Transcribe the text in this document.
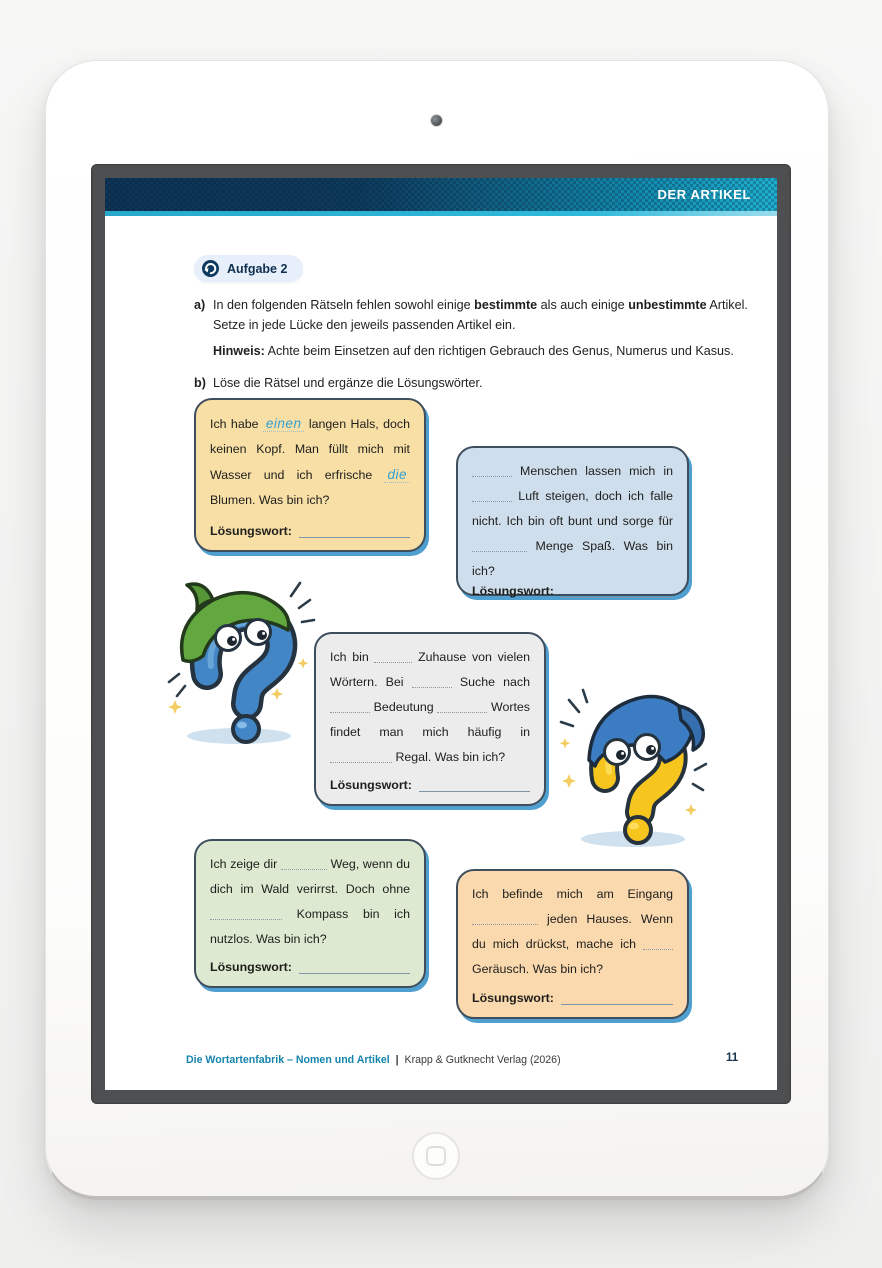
DER ARTIKEL
Aufgabe 2
a) In den folgenden Rätseln fehlen sowohl einige bestimmte als auch einige unbestimmte Artikel. Setze in jede Lücke den jeweils passenden Artikel ein.
Hinweis: Achte beim Einsetzen auf den richtigen Gebrauch des Genus, Numerus und Kasus.
b) Löse die Rätsel und ergänze die Lösungswörter.
Ich habe einen langen Hals, doch keinen Kopf. Man füllt mich mit Wasser und ich erfrische die Blumen. Was bin ich?
Lösungswort:
Menschen lassen mich in  Luft steigen, doch ich falle nicht. Ich bin oft bunt und sorge für  Menge Spaß. Was bin ich?
Lösungswort:
Ich bin	Zuhause von vielen Wörtern. Bei	Suche nach  Bedeutung	Wortes findet man mich häufig in  Regal. Was bin ich?
Lösungswort:
Ich zeige dir	Weg, wenn du dich im Wald verirrst. Doch ohne  Kompass bin ich nutzlos. Was bin ich?
Lösungswort:
Ich befinde mich am Eingang  jeden Hauses. Wenn du mich drückst, mache ich  Geräusch. Was bin ich?
Lösungswort:
Die Wortartenfabrik – Nomen und Artikel | Krapp & Gutknecht Verlag (2026)	11
